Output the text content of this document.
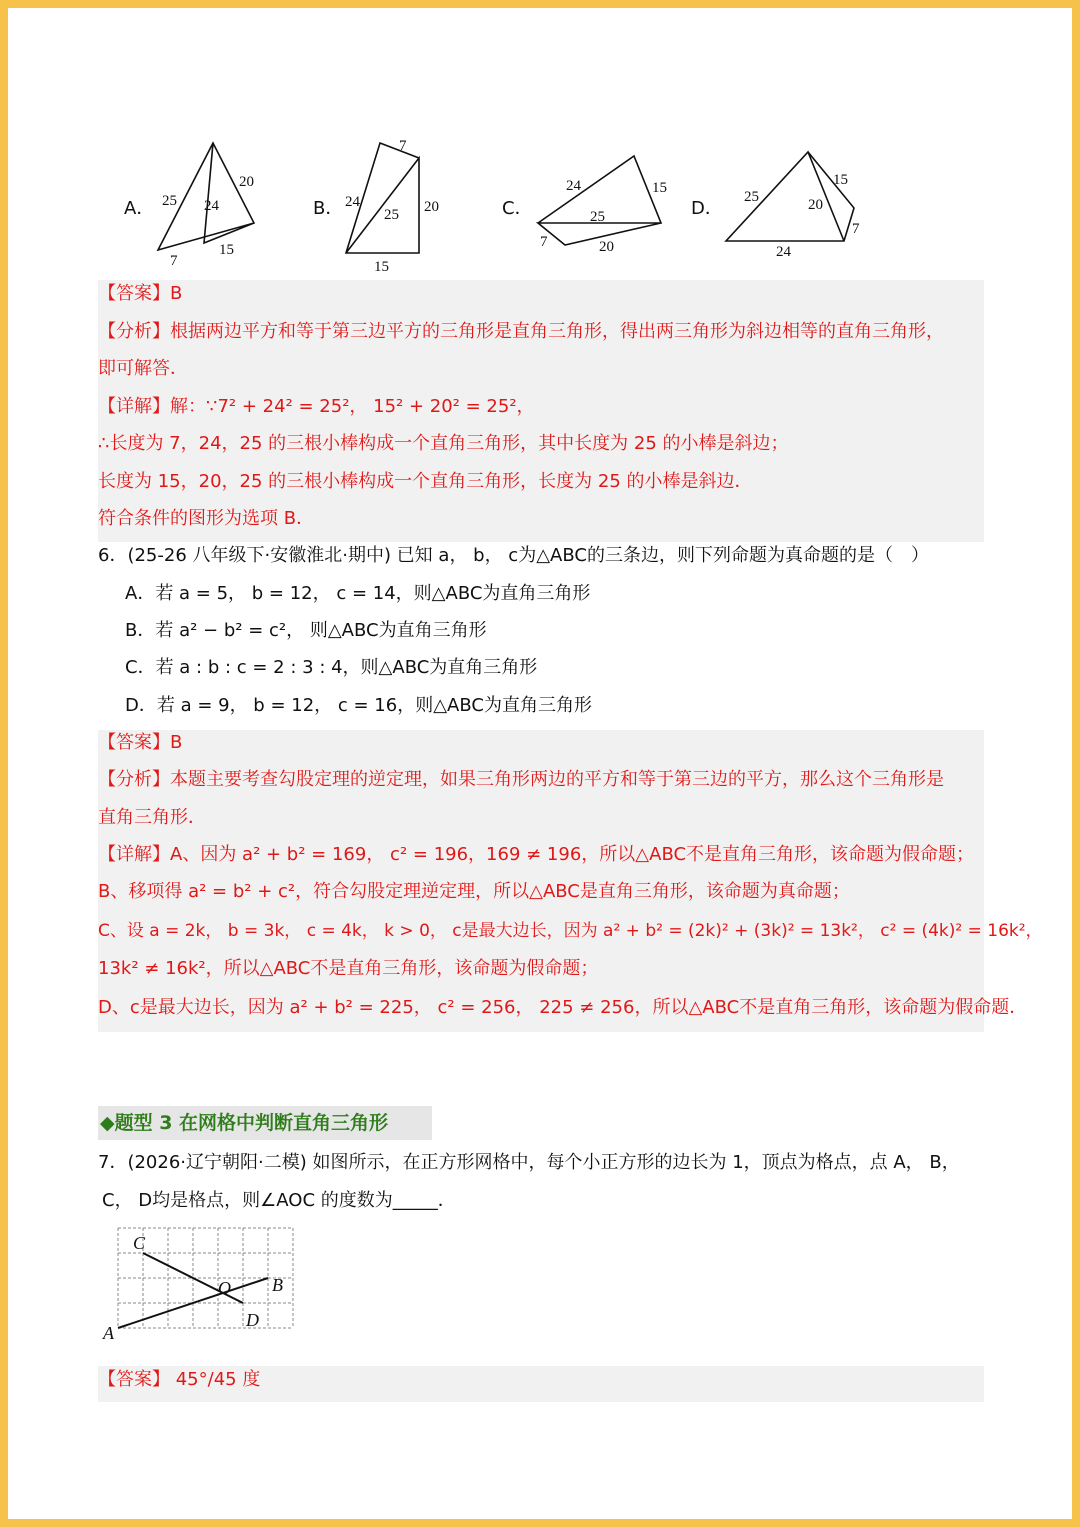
A． 25 24
20
7
15
B．
7
24
25 20
15
C．
24	15
25
7	20
D．
25
15
20
7
24
【答案】B
【分析】根据两边平方和等于第三边平方的三角形是直角三角形，得出两三角形为斜边相等的直角三角形，
即可解答．
【详解】解：∵7² + 24² = 25²， 15² + 20² = 25²，
∴长度为 7，24，25 的三根小棒构成一个直角三角形，其中长度为 25 的小棒是斜边；
长度为 15，20，25 的三根小棒构成一个直角三角形，长度为 25 的小棒是斜边．
符合条件的图形为选项 B．
6．(25-26 八年级下·安徽淮北·期中) 已知 a， b， c为△ABC的三条边，则下列命题为真命题的是（　）
A．若 a = 5， b = 12， c = 14，则△ABC为直角三角形
B．若 a² − b² = c²， 则△ABC为直角三角形
C．若 a : b : c = 2 : 3 : 4，则△ABC为直角三角形
D．若 a = 9， b = 12， c = 16，则△ABC为直角三角形
【答案】B
【分析】本题主要考查勾股定理的逆定理，如果三角形两边的平方和等于第三边的平方，那么这个三角形是
直角三角形．
【详解】A、因为 a² + b² = 169， c² = 196，169 ≠ 196，所以△ABC不是直角三角形，该命题为假命题；
B、移项得 a² = b² + c²，符合勾股定理逆定理，所以△ABC是直角三角形，该命题为真命题；
C、设 a = 2k， b = 3k， c = 4k， k > 0， c是最大边长，因为 a² + b² = (2k)² + (3k)² = 13k²， c² = (4k)² = 16k²，
13k² ≠ 16k²，所以△ABC不是直角三角形，该命题为假命题；
D、c是最大边长，因为 a² + b² = 225， c² = 256， 225 ≠ 256，所以△ABC不是直角三角形，该命题为假命题．
◆题型 3 在网格中判断直角三角形
7．(2026·辽宁朝阳·二模) 如图所示，在正方形网格中，每个小正方形的边长为 1，顶点为格点，点 A， B，
C， D均是格点，则∠AOC 的度数为_____．
C
O B
D
A
【答案】 45°/45 度
